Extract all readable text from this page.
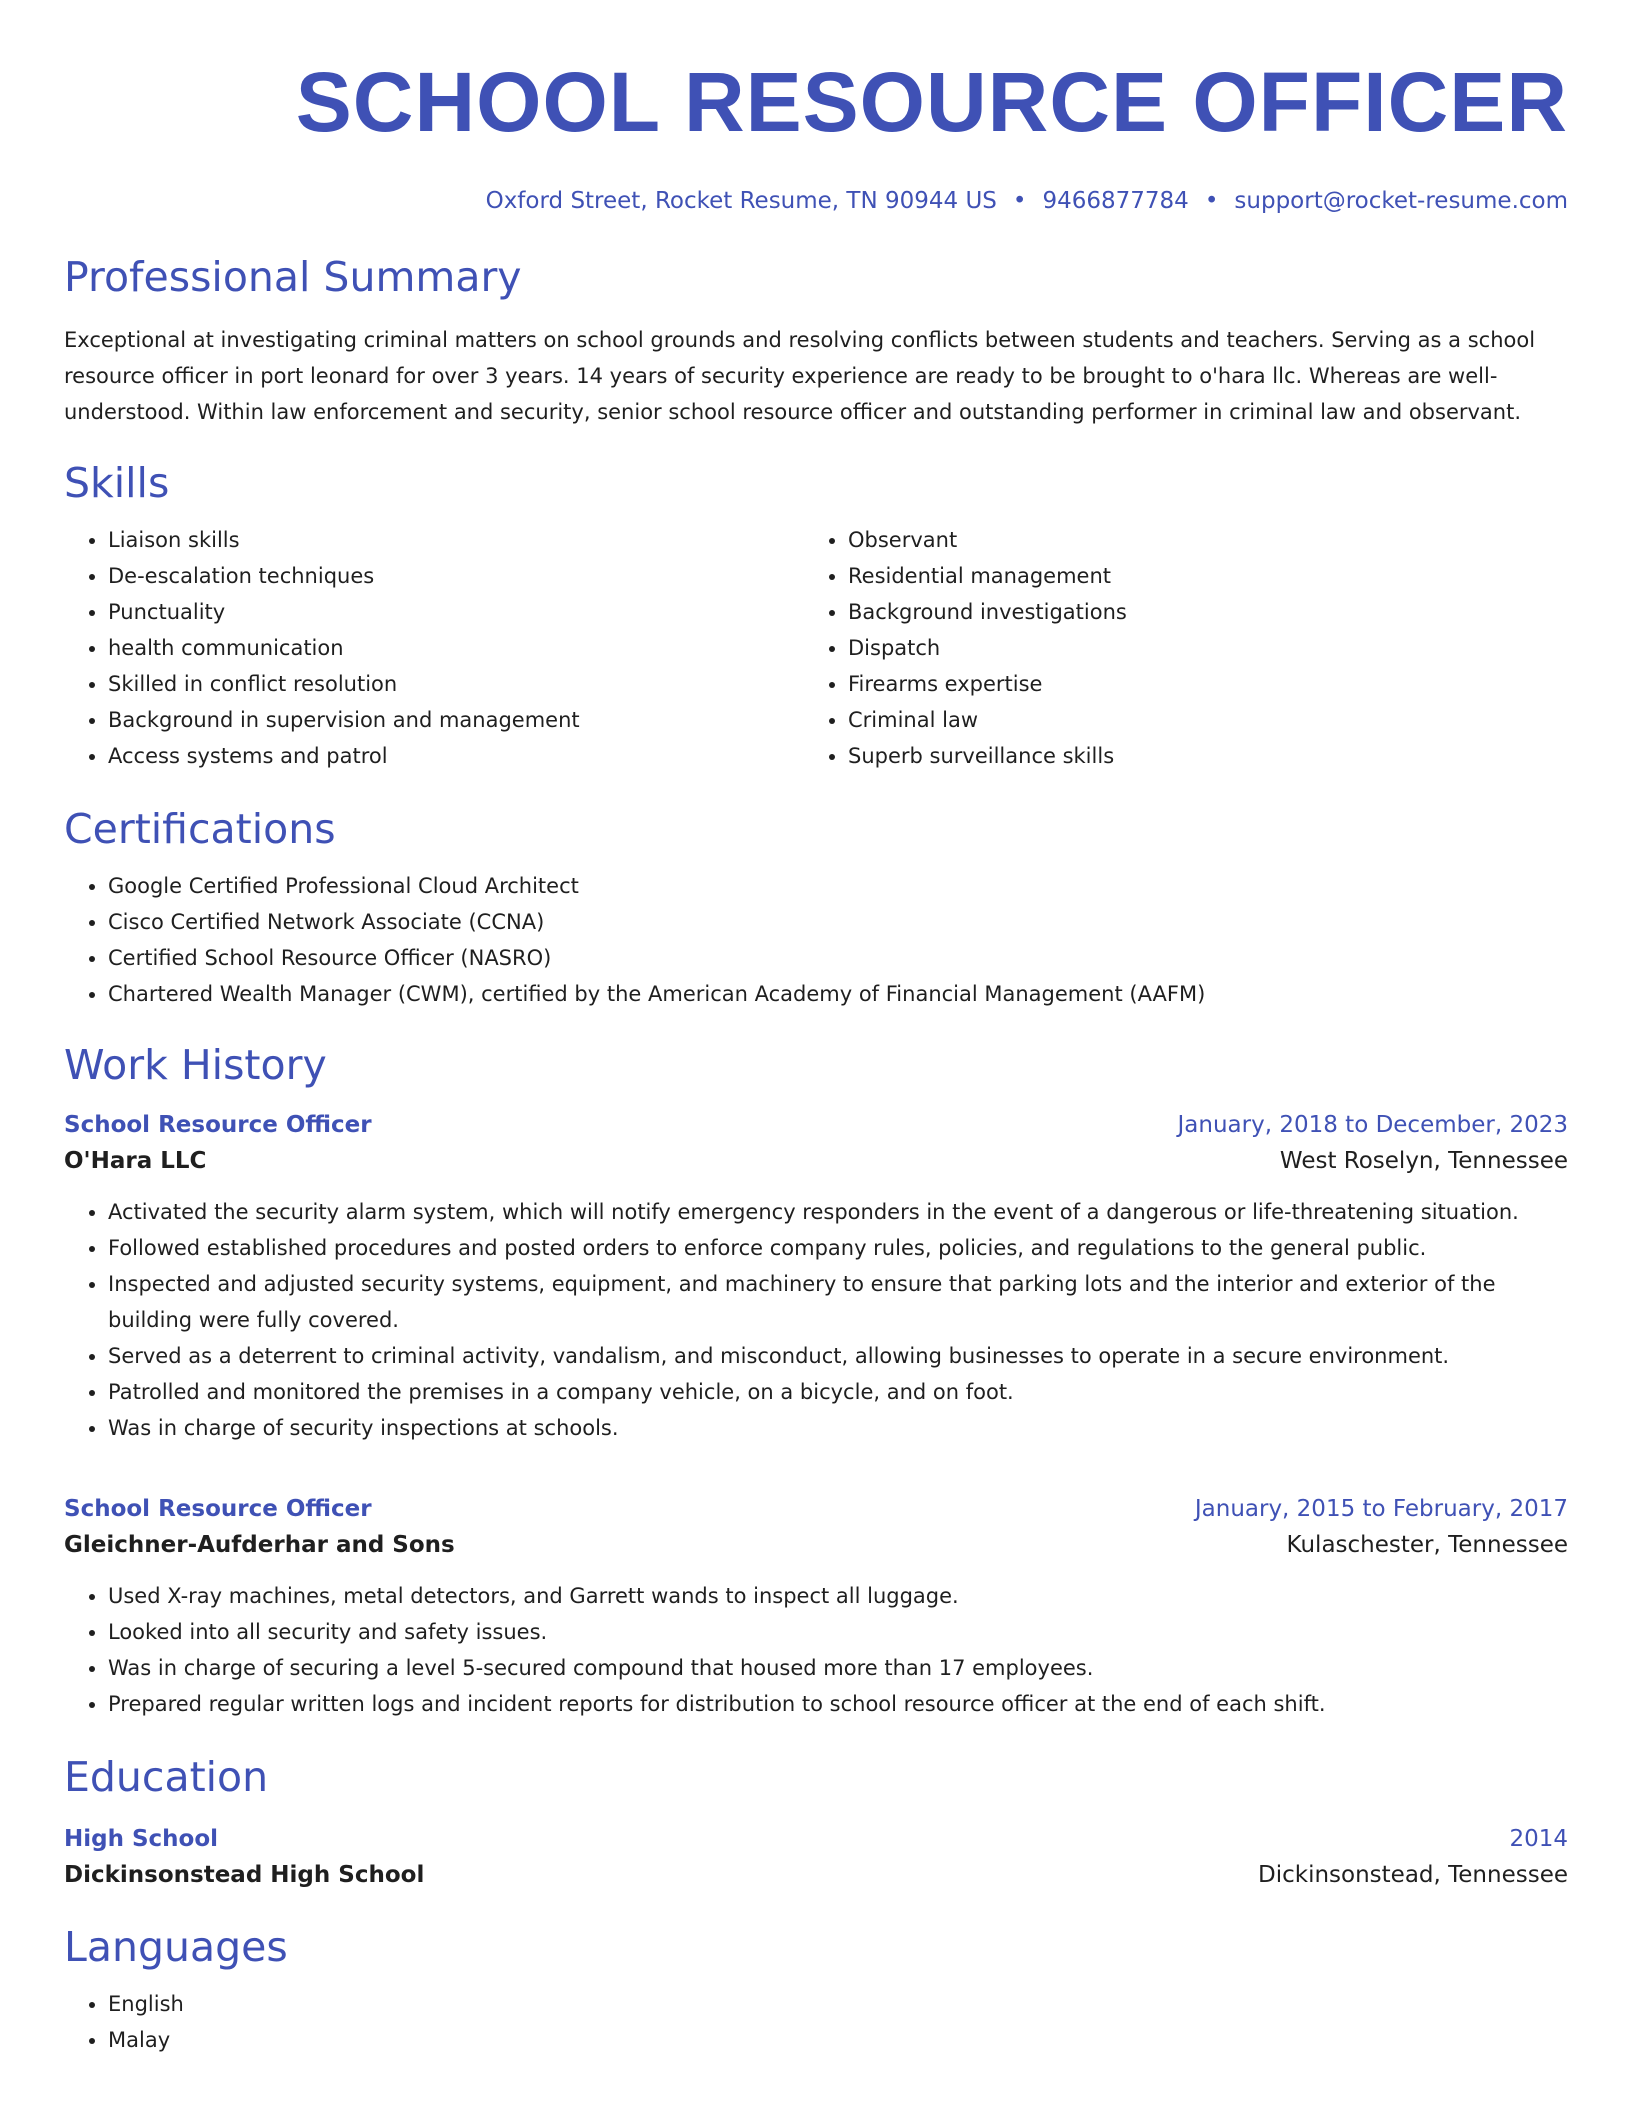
SCHOOL RESOURCE OFFICER
Oxford Street, Rocket Resume, TN 90944 US • 9466877784 • support@rocket-resume.com
Professional Summary
Exceptional at investigating criminal matters on school grounds and resolving conflicts between students and teachers. Serving as a school resource officer in port leonard for over 3 years. 14 years of security experience are ready to be brought to o'hara llc. Whereas are well-understood. Within law enforcement and security, senior school resource officer and outstanding performer in criminal law and observant.
Skills
• Liaison skills
• De-escalation techniques
• Punctuality
• health communication
• Skilled in conflict resolution
• Background in supervision and management
• Access systems and patrol
• Observant
• Residential management
• Background investigations
• Dispatch
• Firearms expertise
• Criminal law
• Superb surveillance skills
Certifications
• Google Certified Professional Cloud Architect
• Cisco Certified Network Associate (CCNA)
• Certified School Resource Officer (NASRO)
• Chartered Wealth Manager (CWM), certified by the American Academy of Financial Management (AAFM)
Work History
School Resource Officer	January, 2018 to December, 2023
O'Hara LLC	West Roselyn, Tennessee
• Activated the security alarm system, which will notify emergency responders in the event of a dangerous or life-threatening situation.
• Followed established procedures and posted orders to enforce company rules, policies, and regulations to the general public.
• Inspected and adjusted security systems, equipment, and machinery to ensure that parking lots and the interior and exterior of the building were fully covered.
• Served as a deterrent to criminal activity, vandalism, and misconduct, allowing businesses to operate in a secure environment.
• Patrolled and monitored the premises in a company vehicle, on a bicycle, and on foot.
• Was in charge of security inspections at schools.
School Resource Officer	January, 2015 to February, 2017
Gleichner-Aufderhar and Sons	Kulaschester, Tennessee
• Used X-ray machines, metal detectors, and Garrett wands to inspect all luggage.
• Looked into all security and safety issues.
• Was in charge of securing a level 5-secured compound that housed more than 17 employees.
• Prepared regular written logs and incident reports for distribution to school resource officer at the end of each shift.
Education
High School	2014
Dickinsonstead High School	Dickinsonstead, Tennessee
Languages
• English
• Malay
